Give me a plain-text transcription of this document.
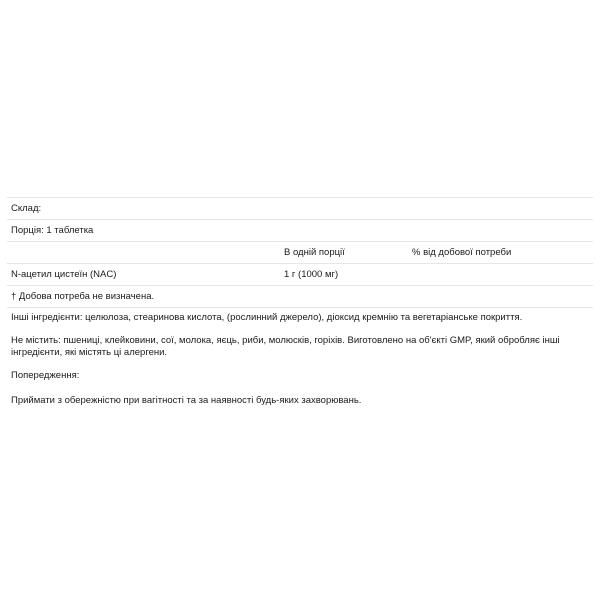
Склад:		
Порція: 1 таблетка		
	В одній порції	% від добової потреби
N-ацетил цистеїн (NAC)	1 г (1000 мг)	
† Добова потреба не визначена.		

Інші інгредієнти: целюлоза, стеаринова кислота, (рослинний джерело), діоксид кремнію та вегетаріанське покриття.

Не містить: пшениці, клейковини, сої, молока, яєць, риби, молюсків, горіхів. Виготовлено на об'єкті GMP, який обробляє інші інгредієнти, які містять ці алергени.

Попередження:

Приймати з обережністю при вагітності та за наявності будь-яких захворювань.
